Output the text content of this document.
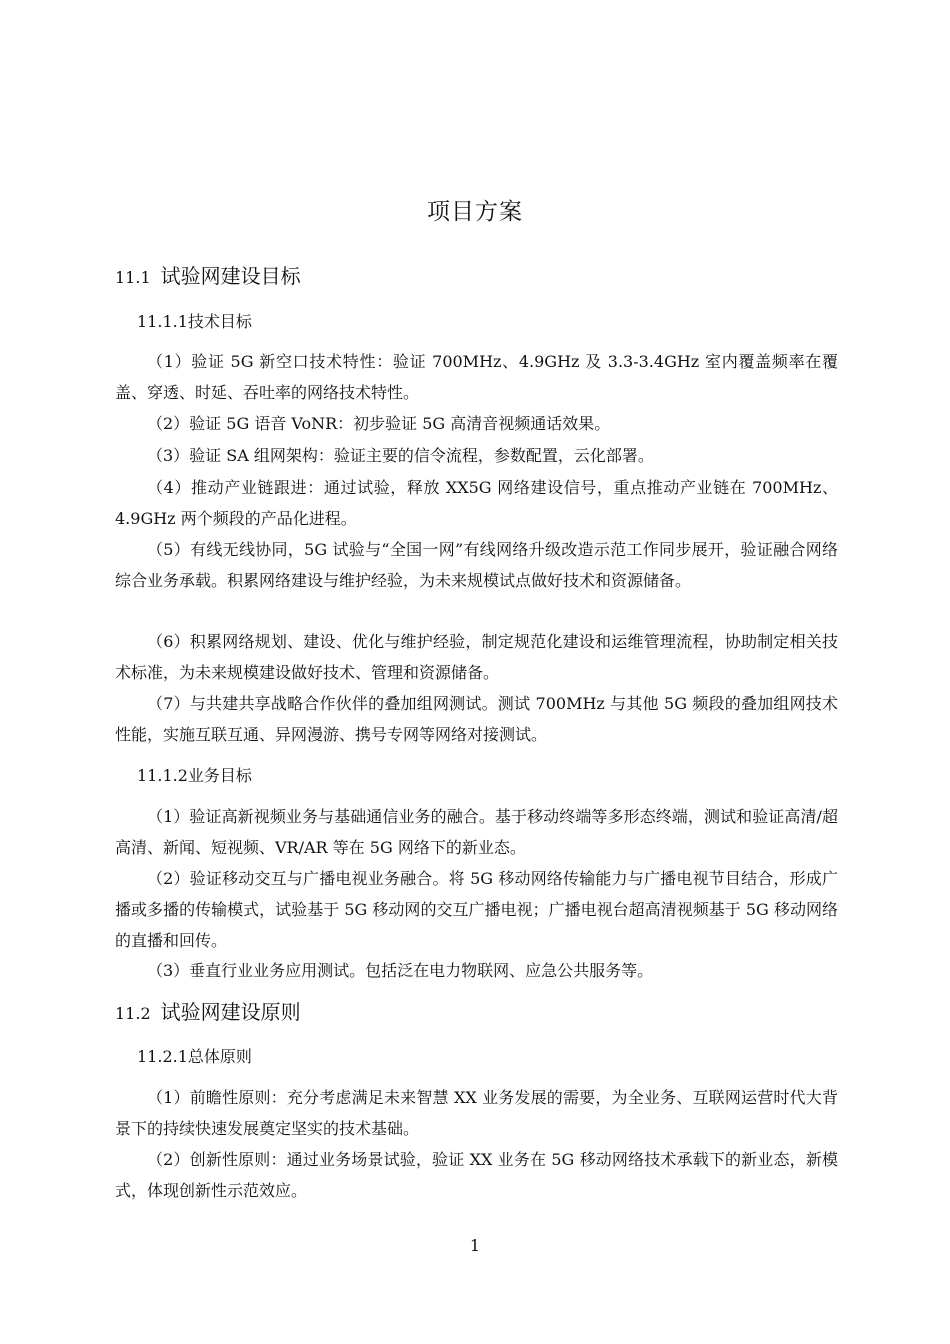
项目方案
11.1 试验网建设目标
11.1.1技术目标
（1）验证 5G 新空口技术特性：验证 700MHz、4.9GHz 及 3.3-3.4GHz 室内覆盖频率在覆盖、穿透、时延、吞吐率的网络技术特性。
（2）验证 5G 语音 VoNR：初步验证 5G 高清音视频通话效果。
（3）验证 SA 组网架构：验证主要的信令流程，参数配置，云化部署。
（4）推动产业链跟进：通过试验，释放 XX5G 网络建设信号，重点推动产业链在 700MHz、4.9GHz 两个频段的产品化进程。
（5）有线无线协同，5G 试验与“全国一网”有线网络升级改造示范工作同步展开，验证融合网络综合业务承载。积累网络建设与维护经验，为未来规模试点做好技术和资源储备。
（6）积累网络规划、建设、优化与维护经验，制定规范化建设和运维管理流程，协助制定相关技术标准，为未来规模建设做好技术、管理和资源储备。
（7）与共建共享战略合作伙伴的叠加组网测试。测试 700MHz 与其他 5G 频段的叠加组网技术性能，实施互联互通、异网漫游、携号专网等网络对接测试。
11.1.2业务目标
（1）验证高新视频业务与基础通信业务的融合。基于移动终端等多形态终端，测试和验证高清/超高清、新闻、短视频、VR/AR 等在 5G 网络下的新业态。
（2）验证移动交互与广播电视业务融合。将 5G 移动网络传输能力与广播电视节目结合，形成广播或多播的传输模式，试验基于 5G 移动网的交互广播电视；广播电视台超高清视频基于 5G 移动网络的直播和回传。
（3）垂直行业业务应用测试。包括泛在电力物联网、应急公共服务等。
11.2 试验网建设原则
11.2.1总体原则
（1）前瞻性原则：充分考虑满足未来智慧 XX 业务发展的需要，为全业务、互联网运营时代大背景下的持续快速发展奠定坚实的技术基础。
（2）创新性原则：通过业务场景试验，验证 XX 业务在 5G 移动网络技术承载下的新业态，新模式，体现创新性示范效应。
1
